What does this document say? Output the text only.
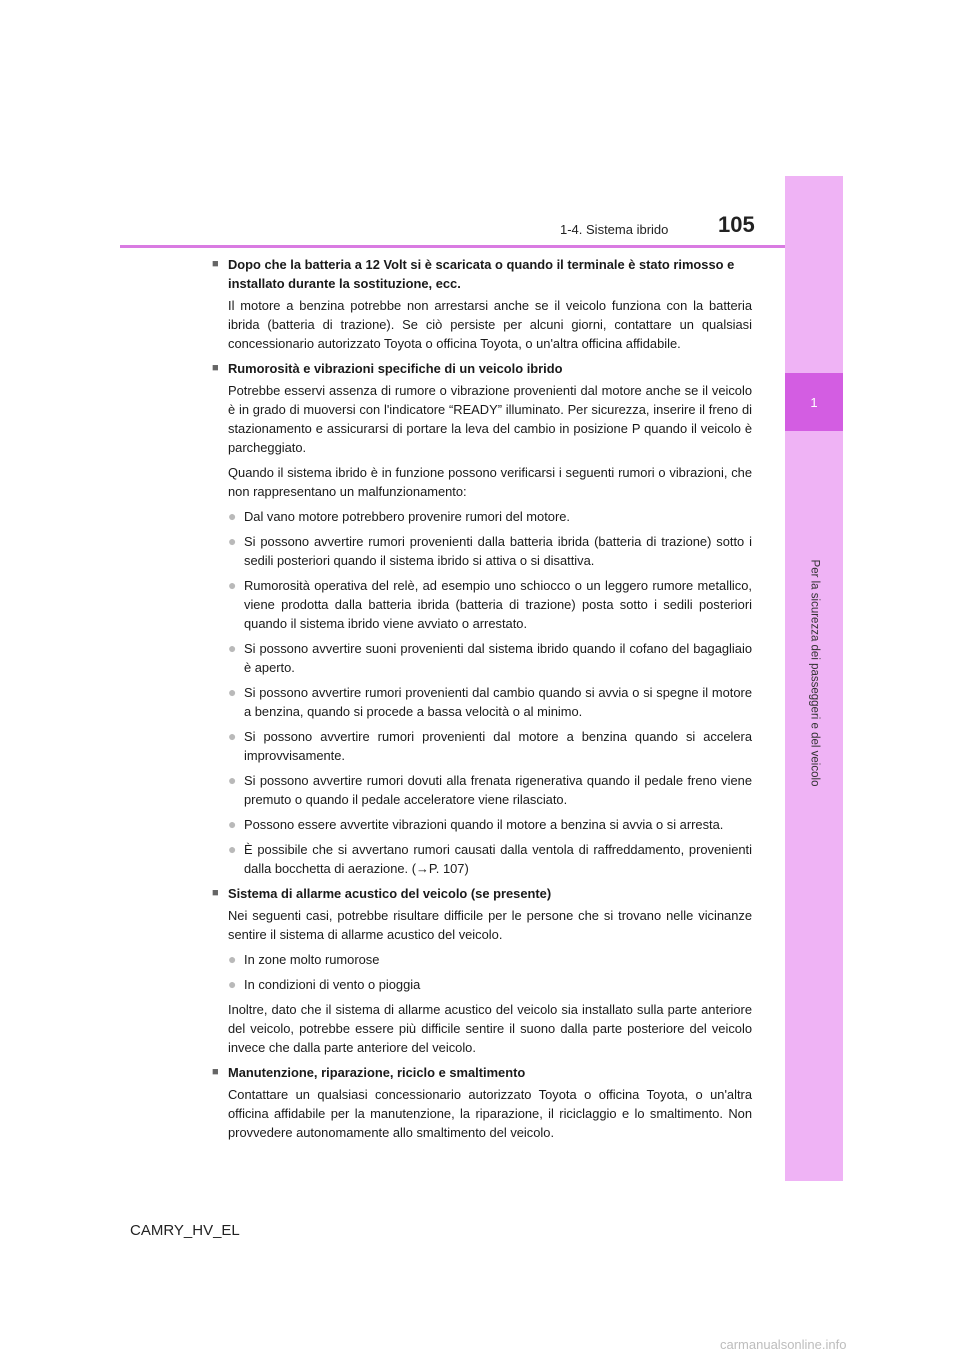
1-4. Sistema ibrido 105
1
Per la sicurezza dei passeggeri e del veicolo
■ Dopo che la batteria a 12 Volt si è scaricata o quando il terminale è stato rimosso e installato durante la sostituzione, ecc.

Il motore a benzina potrebbe non arrestarsi anche se il veicolo funziona con la batteria ibrida (batteria di trazione). Se ciò persiste per alcuni giorni, contattare un qualsiasi concessionario autorizzato Toyota o officina Toyota, o un'altra officina affidabile.

■ Rumorosità e vibrazioni specifiche di un veicolo ibrido

Potrebbe esservi assenza di rumore o vibrazione provenienti dal motore anche se il veicolo è in grado di muoversi con l'indicatore “READY” illuminato. Per sicurezza, inserire il freno di stazionamento e assicurarsi di portare la leva del cambio in posizione P quando il veicolo è parcheggiato.

Quando il sistema ibrido è in funzione possono verificarsi i seguenti rumori o vibrazioni, che non rappresentano un malfunzionamento:

● Dal vano motore potrebbero provenire rumori del motore.
● Si possono avvertire rumori provenienti dalla batteria ibrida (batteria di trazione) sotto i sedili posteriori quando il sistema ibrido si attiva o si disattiva.
● Rumorosità operativa del relè, ad esempio uno schiocco o un leggero rumore metallico, viene prodotta dalla batteria ibrida (batteria di trazione) posta sotto i sedili posteriori quando il sistema ibrido viene avviato o arrestato.
● Si possono avvertire suoni provenienti dal sistema ibrido quando il cofano del bagagliaio è aperto.
● Si possono avvertire rumori provenienti dal cambio quando si avvia o si spegne il motore a benzina, quando si procede a bassa velocità o al minimo.
● Si possono avvertire rumori provenienti dal motore a benzina quando si accelera improvvisamente.
● Si possono avvertire rumori dovuti alla frenata rigenerativa quando il pedale freno viene premuto o quando il pedale acceleratore viene rilasciato.
● Possono essere avvertite vibrazioni quando il motore a benzina si avvia o si arresta.
● È possibile che si avvertano rumori causati dalla ventola di raffreddamento, provenienti dalla bocchetta di aerazione. (→P. 107)
■ Sistema di allarme acustico del veicolo (se presente)

Nei seguenti casi, potrebbe risultare difficile per le persone che si trovano nelle vicinanze sentire il sistema di allarme acustico del veicolo.

● In zone molto rumorose
● In condizioni di vento o pioggia

Inoltre, dato che il sistema di allarme acustico del veicolo sia installato sulla parte anteriore del veicolo, potrebbe essere più difficile sentire il suono dalla parte posteriore del veicolo invece che dalla parte anteriore del veicolo.

■ Manutenzione, riparazione, riciclo e smaltimento

Contattare un qualsiasi concessionario autorizzato Toyota o officina Toyota, o un'altra officina affidabile per la manutenzione, la riparazione, il riciclaggio e lo smaltimento. Non provvedere autonomamente allo smaltimento del veicolo.

CAMRY_HV_EL
carmanualsonline.info
